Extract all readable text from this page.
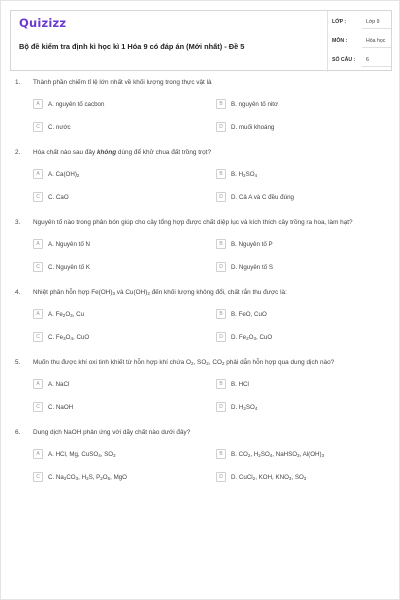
Quizizz
Bộ đề kiểm tra định kì học kì 1 Hóa 9 có đáp án (Mới nhất) - Đề 5
LỚP :	Lớp 9
MÔN :	Hóa học
SỐ CÂU : 6
1. Thành phần chiếm tỉ lệ lớn nhất về khối lượng trong thực vật là
A	A. nguyên tố cacbon	B	B. nguyên tố nitơ
C	C. nước	D	D. muối khoáng
2. Hóa chất nào sau đây không dùng để khử chua đất trồng trọt?
A	A. $Ca(OH)_2$	B	B. $H_2SO_4$
C	C. CaO	D	D. Cả A và C đều đúng
3. Nguyên tố nào trong phân bón giúp cho cây tổng hợp được chất diệp lục và kích thích cây trồng ra hoa, làm hạt?
A	A. Nguyên tố N	B	B. Nguyên tố P
C	C. Nguyên tố K	D	D. Nguyên tố S
4. Nhiệt phân hỗn hợp $Fe(OH)_3$ và $Cu(OH)_2$ đến khối lượng không đổi, chất rắn thu được là:
A	A. $Fe_2O_3$, Cu	B	B. FeO, CuO
C	C. $Fe_3O_4$, CuO	D	D. $Fe_2O_3$, CuO
5. Muốn thu được khí oxi tinh khiết từ hỗn hợp khí chứa $O_2$, $SO_2$, $CO_2$ phải dẫn hỗn hợp qua dung dịch nào?
A	A. NaCl	B	B. HCl
C	C. NaOH	D	D. $H_2SO_4$
6. Dung dịch NaOH phản ứng với dãy chất nào dưới đây?
A	A. HCl, Mg, CuSO$_4$, $SO_2$	B	B. $CO_2$, $H_2SO_4$, NaHSO$_3$, $Al(OH)_3$
C	C. $Na_2CO_3$, $H_2S$, $P_2O_5$, MgO	D	D. CuCl$_2$, KOH, $KNO_3$, $SO_3$
